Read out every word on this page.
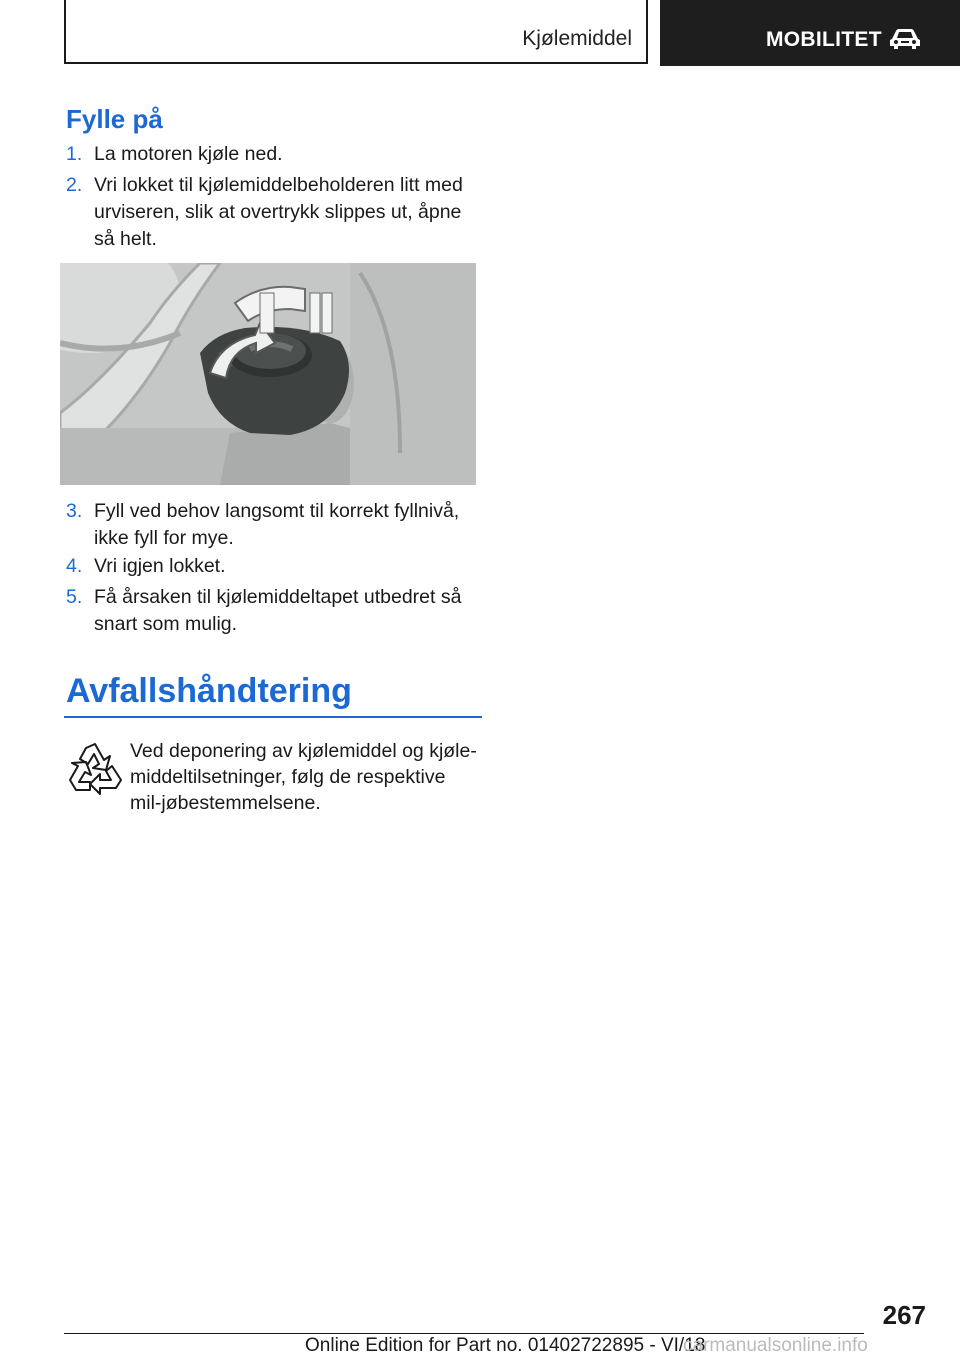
Kjølemiddel	MOBILITET
Fylle på
1. La motoren kjøle ned.
2. Vri lokket til kjølemiddelbeholderen litt med urviseren, slik at overtrykk slippes ut, åpne så helt.
3. Fyll ved behov langsomt til korrekt fyllnivå, ikke fyll for mye.
4. Vri igjen lokket.
5. Få årsaken til kjølemiddeltapet utbedret så snart som mulig.
Avfallshåndtering
Ved deponering av kjølemiddel og kjøle-middeltilsetninger, følg de respektive mil-jøbestemmelsene.
267
Online Edition for Part no. 01402722895 - VI/18
carmanualsonline.info
